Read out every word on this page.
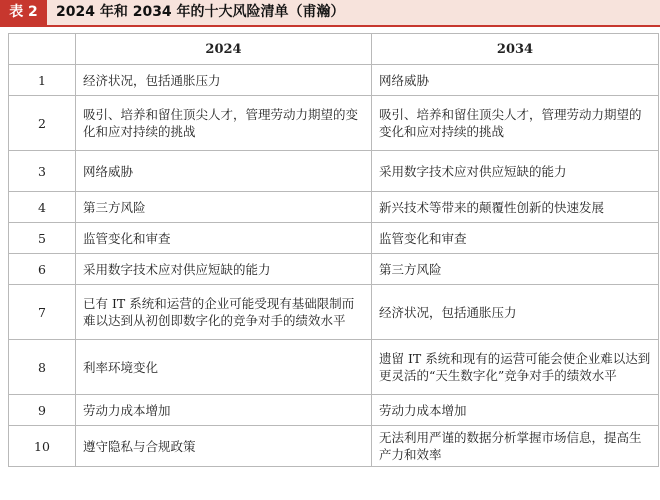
表 2	2024 年和 2034 年的十大风险清单（甫瀚）
	2024	2034
1	经济状况，包括通胀压力	网络威胁
2	吸引、培养和留住顶尖人才，管理劳动力期望的变化和应对持续的挑战	吸引、培养和留住顶尖人才，管理劳动力期望的变化和应对持续的挑战
3	网络威胁	采用数字技术应对供应短缺的能力
4	第三方风险	新兴技术等带来的颠覆性创新的快速发展
5	监管变化和审查	监管变化和审查
6	采用数字技术应对供应短缺的能力	第三方风险
7	已有 IT 系统和运营的企业可能受现有基础限制而难以达到从初创即数字化的竞争对手的绩效水平	经济状况，包括通胀压力
8	利率环境变化	遗留 IT 系统和现有的运营可能会使企业难以达到更灵活的“天生数字化”竞争对手的绩效水平
9	劳动力成本增加	劳动力成本增加
10	遵守隐私与合规政策	无法利用严谨的数据分析掌握市场信息，提高生产力和效率
